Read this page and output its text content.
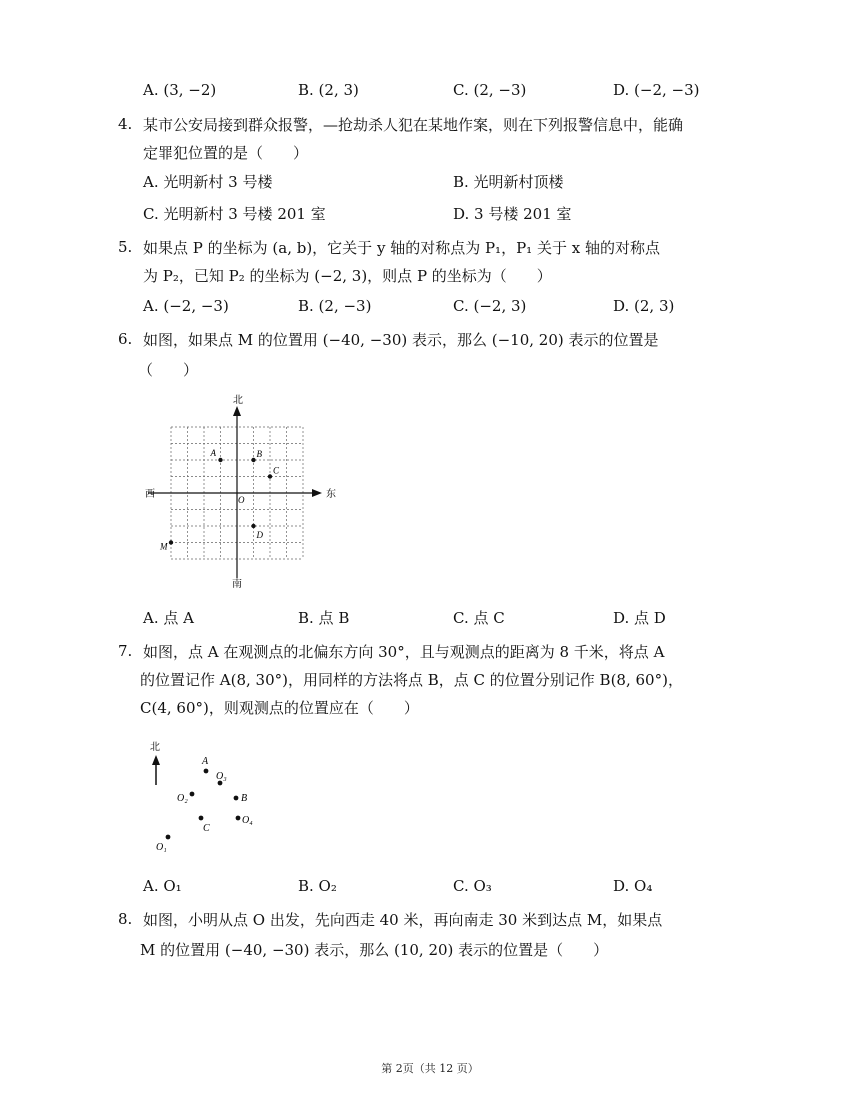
A. (3, −2)	B. (2, 3)	C. (2, −3)	D. (−2, −3)
4. 某市公安局接到群众报警，—抢劫杀人犯在某地作案，则在下列报警信息中，能确
定罪犯位置的是（　　）
A. 光明新村 3 号楼	B. 光明新村顶楼
C. 光明新村 3 号楼 201 室	D. 3 号楼 201 室
5. 如果点 P 的坐标为 (a, b)，它关于 y 轴的对称点为 P₁，P₁ 关于 x 轴的对称点
为 P₂，已知 P₂ 的坐标为 (−2, 3)，则点 P 的坐标为（　　）
A. (−2, −3)	B. (2, −3)	C. (−2, 3)	D. (2, 3)
6. 如图，如果点 M 的位置用 (−40, −30) 表示，那么 (−10, 20) 表示的位置是
（　　）
北
南
西	东
O
A	B
C
D
M
A. 点 A	B. 点 B	C. 点 C	D. 点 D
7. 如图，点 A 在观测点的北偏东方向 30°，且与观测点的距离为 8 千米，将点 A
的位置记作 A(8, 30°)，用同样的方法将点 B，点 C 的位置分别记作 B(8, 60°)，
C(4, 60°)，则观测点的位置应在（　　）
北
A
O₃
O₂	B
C
O₄
O₁
A. O₁	B. O₂	C. O₃	D. O₄
8. 如图，小明从点 O 出发，先向西走 40 米，再向南走 30 米到达点 M，如果点
M 的位置用 (−40, −30) 表示，那么 (10, 20) 表示的位置是（　　）
第 2页（共 12 页）
